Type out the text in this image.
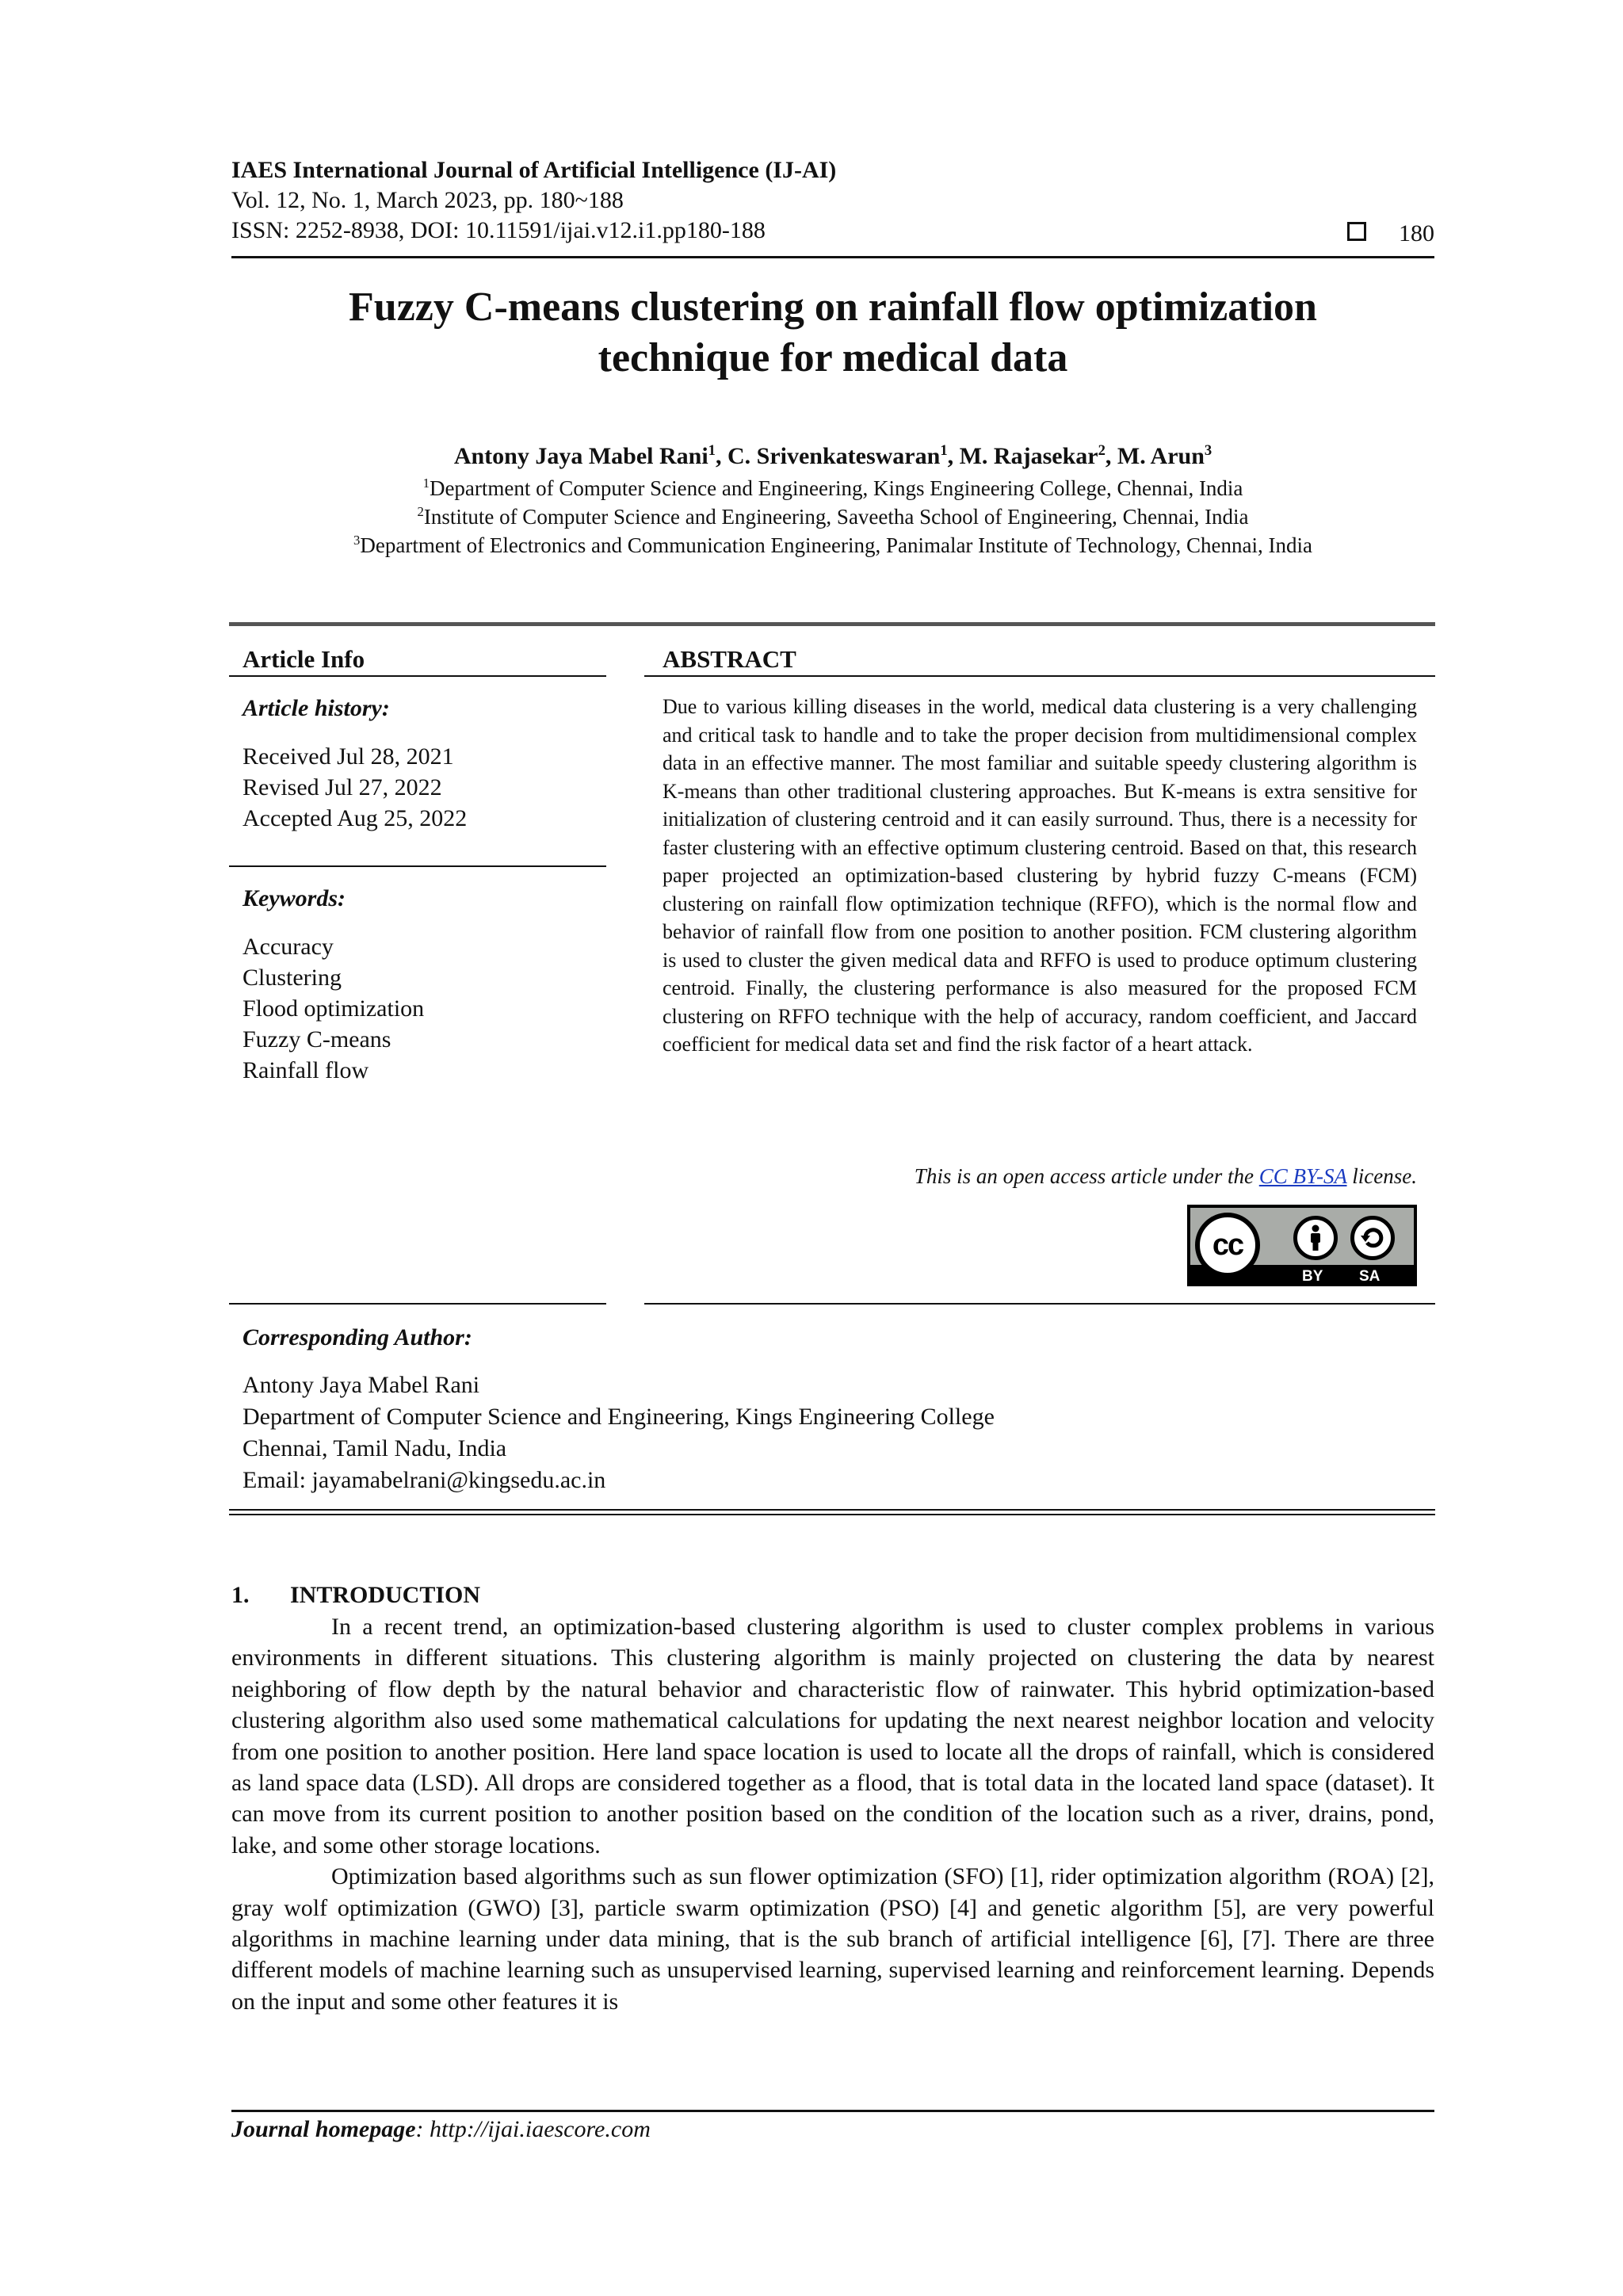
IAES International Journal of Artificial Intelligence (IJ-AI)
Vol. 12, No. 1, March 2023, pp. 180~188
ISSN: 2252-8938, DOI: 10.11591/ijai.v12.i1.pp180-188	180
Fuzzy C-means clustering on rainfall flow optimization
technique for medical data
Antony Jaya Mabel Rani$^1$, C. Srivenkateswaran$^1$, M. Rajasekar$^2$, M. Arun$^3$
$^1$Department of Computer Science and Engineering, Kings Engineering College, Chennai, India
$^2$Institute of Computer Science and Engineering, Saveetha School of Engineering, Chennai, India
$^3$Department of Electronics and Communication Engineering, Panimalar Institute of Technology, Chennai, India
Article Info	ABSTRACT
Article history:
Received Jul 28, 2021
Revised Jul 27, 2022
Accepted Aug 25, 2022
Keywords:
Accuracy
Clustering
Flood optimization
Fuzzy C-means
Rainfall flow
Due to various killing diseases in the world, medical data clustering is a very challenging and critical task to handle and to take the proper decision from multidimensional complex data in an effective manner. The most familiar and suitable speedy clustering algorithm is K-means than other traditional clustering approaches. But K-means is extra sensitive for initialization of clustering centroid and it can easily surround. Thus, there is a necessity for faster clustering with an effective optimum clustering centroid. Based on that, this research paper projected an optimization-based clustering by hybrid fuzzy C-means (FCM) clustering on rainfall flow optimization technique (RFFO), which is the normal flow and behavior of rainfall flow from one position to another position. FCM clustering algorithm is used to cluster the given medical data and RFFO is used to produce optimum clustering centroid. Finally, the clustering performance is also measured for the proposed FCM clustering on RFFO technique with the help of accuracy, random coefficient, and Jaccard coefficient for medical data set and find the risk factor of a heart attack.
This is an open access article under the CC BY-SA license.
cc
BY SA
Corresponding Author:
Antony Jaya Mabel Rani
Department of Computer Science and Engineering, Kings Engineering College
Chennai, Tamil Nadu, India
Email: jayamabelrani@kingsedu.ac.in
1. INTRODUCTION

In a recent trend, an optimization-based clustering algorithm is used to cluster complex problems in various environments in different situations. This clustering algorithm is mainly projected on clustering the data by nearest neighboring of flow depth by the natural behavior and characteristic flow of rainwater. This hybrid optimization-based clustering algorithm also used some mathematical calculations for updating the next nearest neighbor location and velocity from one position to another position. Here land space location is used to locate all the drops of rainfall, which is considered as land space data (LSD). All drops are considered together as a flood, that is total data in the located land space (dataset). It can move from its current position to another position based on the condition of the location such as a river, drains, pond, lake, and some other storage locations.

Optimization based algorithms such as sun flower optimization (SFO) [1], rider optimization algorithm (ROA) [2], gray wolf optimization (GWO) [3], particle swarm optimization (PSO) [4] and genetic algorithm [5], are very powerful algorithms in machine learning under data mining, that is the sub branch of artificial intelligence [6], [7]. There are three different models of machine learning such as unsupervised learning, supervised learning and reinforcement learning. Depends on the input and some other features it is

Journal homepage: http://ijai.iaescore.com
